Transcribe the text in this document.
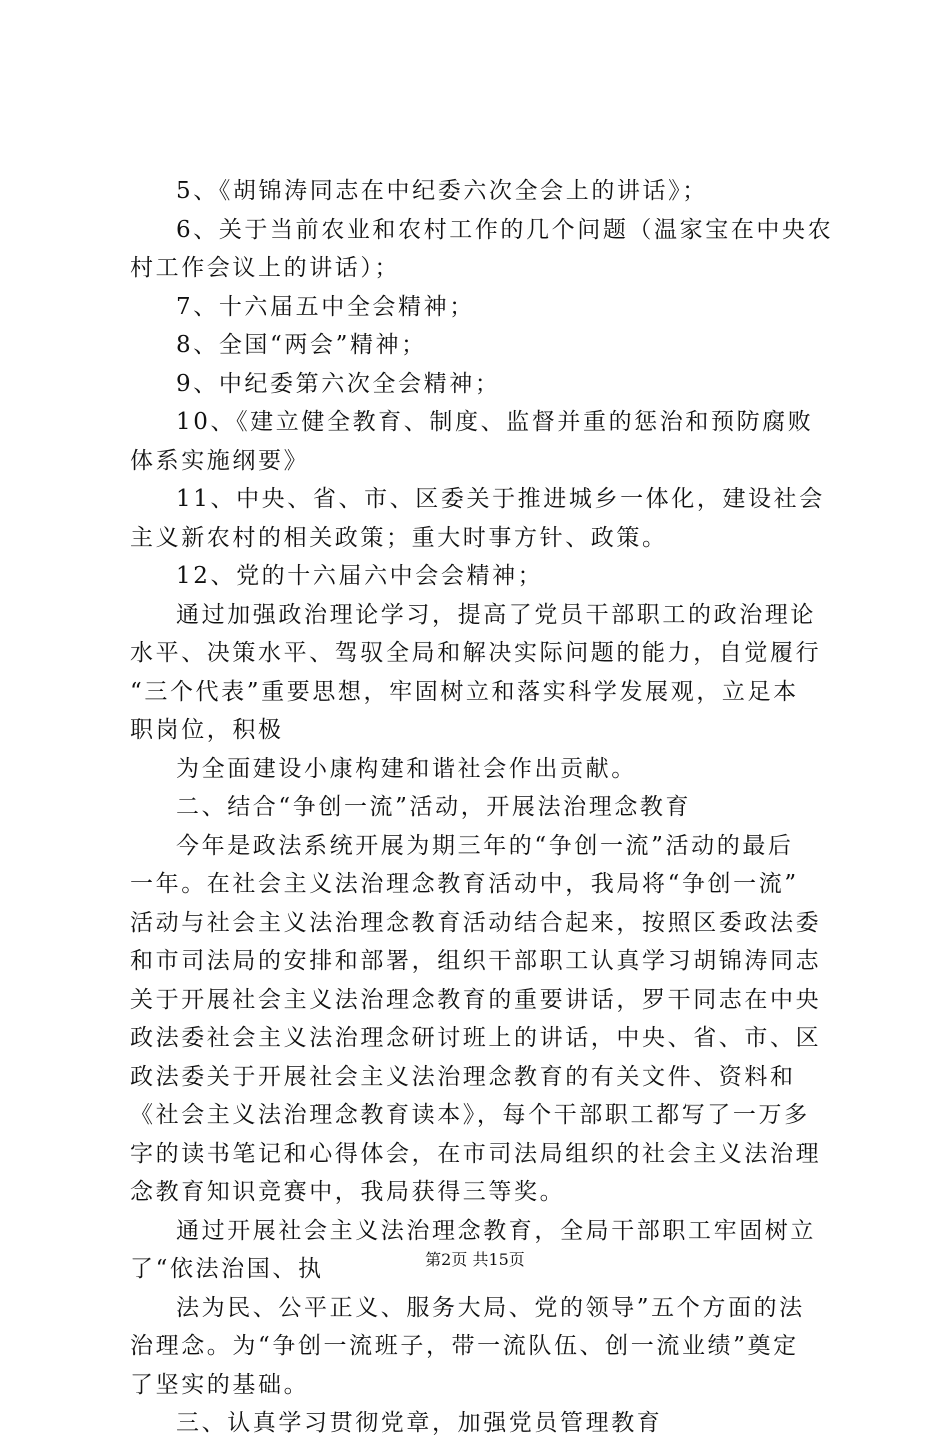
5、《胡锦涛同志在中纪委六次全会上的讲话》；
6、关于当前农业和农村工作的几个问题（温家宝在中央农
村工作会议上的讲话）；
7、十六届五中全会精神；
8、全国“两会”精神；
9、中纪委第六次全会精神；
10、《建立健全教育、制度、监督并重的惩治和预防腐败
体系实施纲要》
11、中央、省、市、区委关于推进城乡一体化，建设社会
主义新农村的相关政策；重大时事方针、政策。
12、党的十六届六中会会精神；
通过加强政治理论学习，提高了党员干部职工的政治理论
水平、决策水平、驾驭全局和解决实际问题的能力，自觉履行
“三个代表”重要思想，牢固树立和落实科学发展观，立足本
职岗位，积极
为全面建设小康构建和谐社会作出贡献。
二、结合“争创一流”活动，开展法治理念教育
今年是政法系统开展为期三年的“争创一流”活动的最后
一年。在社会主义法治理念教育活动中，我局将“争创一流”
活动与社会主义法治理念教育活动结合起来，按照区委政法委
和市司法局的安排和部署，组织干部职工认真学习胡锦涛同志
关于开展社会主义法治理念教育的重要讲话，罗干同志在中央
政法委社会主义法治理念研讨班上的讲话，中央、省、市、区
政法委关于开展社会主义法治理念教育的有关文件、资料和
《社会主义法治理念教育读本》，每个干部职工都写了一万多
字的读书笔记和心得体会，在市司法局组织的社会主义法治理
念教育知识竞赛中，我局获得三等奖。
通过开展社会主义法治理念教育，全局干部职工牢固树立
了“依法治国、执
法为民、公平正义、服务大局、党的领导”五个方面的法
治理念。为“争创一流班子，带一流队伍、创一流业绩”奠定
了坚实的基础。
三、认真学习贯彻党章，加强党员管理教育
第2页 共15页
